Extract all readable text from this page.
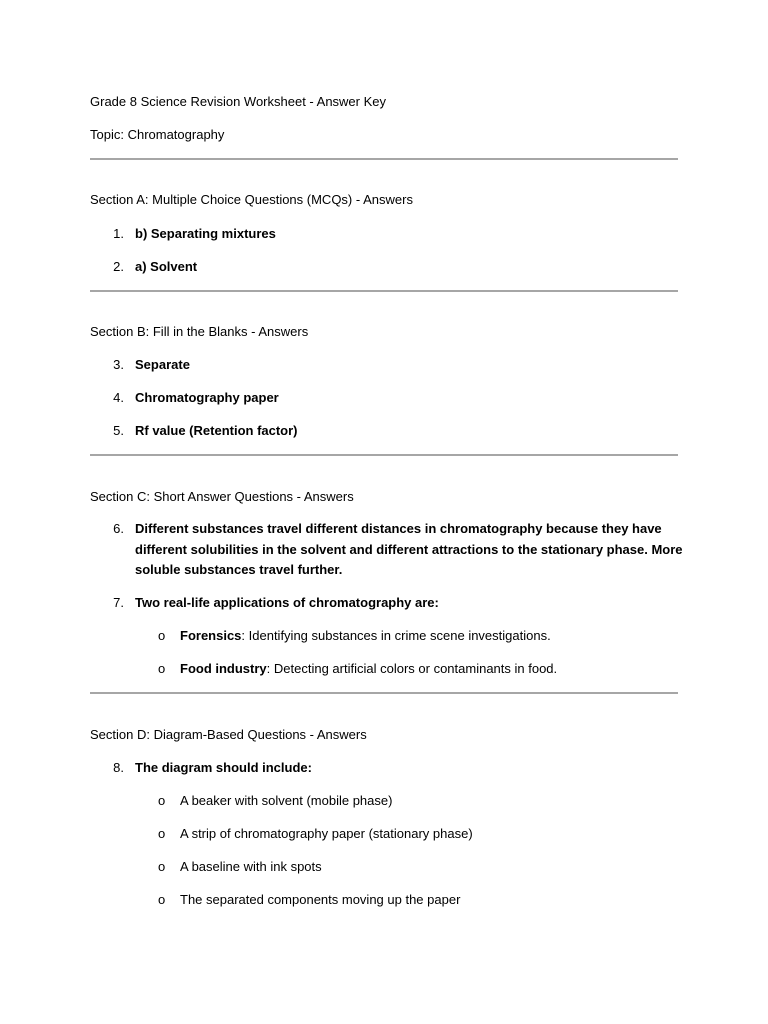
Grade 8 Science Revision Worksheet - Answer Key
Topic: Chromatography
Section A: Multiple Choice Questions (MCQs) - Answers
1. b) Separating mixtures
2. a) Solvent
Section B: Fill in the Blanks - Answers
3. Separate
4. Chromatography paper
5. Rf value (Retention factor)
Section C: Short Answer Questions - Answers
6. Different substances travel different distances in chromatography because they have different solubilities in the solvent and different attractions to the stationary phase. More soluble substances travel further.
7. Two real-life applications of chromatography are:
o Forensics: Identifying substances in crime scene investigations.
o Food industry: Detecting artificial colors or contaminants in food.
Section D: Diagram-Based Questions - Answers
8. The diagram should include:
o A beaker with solvent (mobile phase)
o A strip of chromatography paper (stationary phase)
o A baseline with ink spots
o The separated components moving up the paper
